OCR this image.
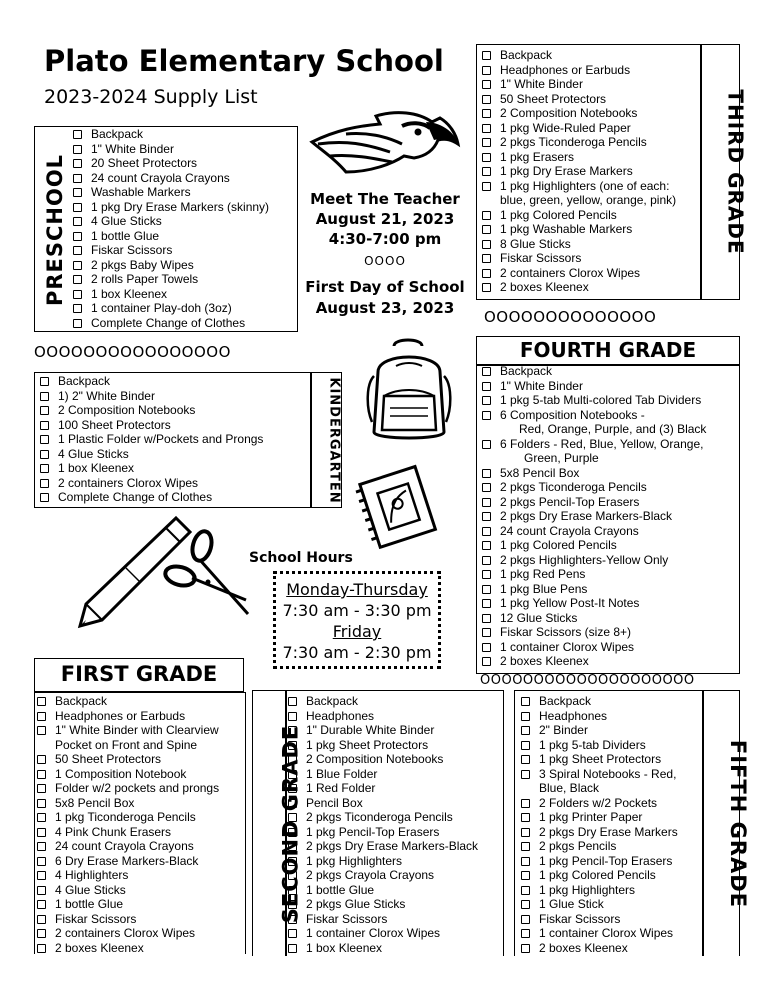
Plato Elementary School
2023-2024 Supply List
PRESCHOOL
Backpack
1" White Binder
20 Sheet Protectors
24 count Crayola Crayons
Washable Markers
1 pkg Dry Erase Markers (skinny)
4 Glue Sticks
1 bottle Glue
Fiskar Scissors
2 pkgs Baby Wipes
2 rolls Paper Towels
1 box Kleenex
1 container Play-doh (3oz)
Complete Change of Clothes
Meet The Teacher
August 21, 2023
4:30-7:00 pm
OOOO
First Day of School
August 23, 2023
THIRD GRADE
Backpack
Headphones or Earbuds
1" White Binder
50 Sheet Protectors
2 Composition Notebooks
1 pkg Wide-Ruled Paper
2 pkgs Ticonderoga Pencils
1 pkg Erasers
1 pkg Dry Erase Markers
1 pkg Highlighters (one of each:
blue, green, yellow, orange, pink)
1 pkg Colored Pencils
1 pkg Washable Markers
8 Glue Sticks
Fiskar Scissors
2 containers Clorox Wipes
2 boxes Kleenex
OOOOOOOOOOOOOO
OOOOOOOOOOOOOOOO	FOURTH GRADE
Backpack
1" White Binder
1 pkg 5-tab Multi-colored Tab Dividers
6 Composition Notebooks -
Red, Orange, Purple, and (3) Black
6 Folders - Red, Blue, Yellow, Orange,
Green, Purple
5x8 Pencil Box
2 pkgs Ticonderoga Pencils
2 pkgs Pencil-Top Erasers
2 pkgs Dry Erase Markers-Black
24 count Crayola Crayons
1 pkg Colored Pencils
2 pkgs Highlighters-Yellow Only
1 pkg Red Pens
1 pkg Blue Pens
1 pkg Yellow Post-It Notes
12 Glue Sticks
Fiskar Scissors (size 8+)
1 container Clorox Wipes
2 boxes Kleenex
KINDERGARTEN
Backpack
1) 2" White Binder
2 Composition Notebooks
100 Sheet Protectors
1 Plastic Folder w/Pockets and Prongs
4 Glue Sticks
1 box Kleenex
2 containers Clorox Wipes
Complete Change of Clothes
School Hours
Monday-Thursday
7:30 am - 3:30 pm
Friday
7:30 am - 2:30 pm
OOOOOOOOOOOOOOOOOOOO
FIRST GRADE
Backpack
Headphones or Earbuds
1" White Binder with Clearview
Pocket on Front and Spine
50 Sheet Protectors
1 Composition Notebook
Folder w/2 pockets and prongs
5x8 Pencil Box
1 pkg Ticonderoga Pencils
4 Pink Chunk Erasers
24 count Crayola Crayons
6 Dry Erase Markers-Black
4 Highlighters
4 Glue Sticks
1 bottle Glue
Fiskar Scissors
2 containers Clorox Wipes
2 boxes Kleenex
SECOND GRADE
Backpack
Headphones
1" Durable White Binder
1 pkg Sheet Protectors
2 Composition Notebooks
1 Blue Folder
1 Red Folder
Pencil Box
2 pkgs Ticonderoga Pencils
1 pkg Pencil-Top Erasers
2 pkgs Dry Erase Markers-Black
1 pkg Highlighters
2 pkgs Crayola Crayons
1 bottle Glue
2 pkgs Glue Sticks
Fiskar Scissors
1 container Clorox Wipes
1 box Kleenex
FIFTH GRADE
Backpack
Headphones
2" Binder
1 pkg 5-tab Dividers
1 pkg Sheet Protectors
3 Spiral Notebooks - Red,
Blue, Black
2 Folders w/2 Pockets
1 pkg Printer Paper
2 pkgs Dry Erase Markers
2 pkgs Pencils
1 pkg Pencil-Top Erasers
1 pkg Colored Pencils
1 pkg Highlighters
1 Glue Stick
Fiskar Scissors
1 container Clorox Wipes
2 boxes Kleenex
